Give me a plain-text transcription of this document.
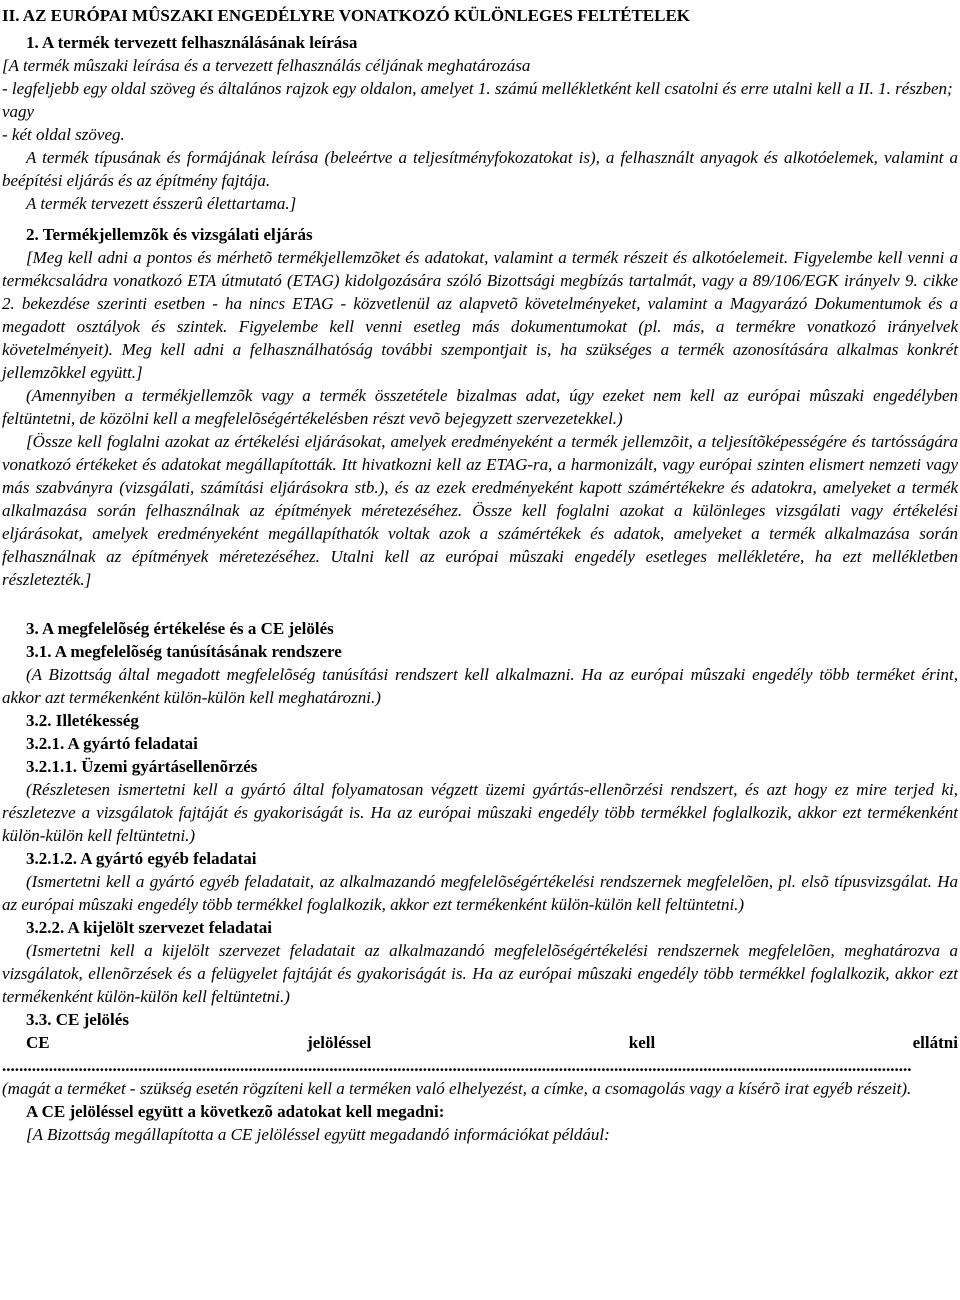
II. AZ EURÓPAI MÛSZAKI ENGEDÉLYRE VONATKOZÓ KÜLÖNLEGES FELTÉTELEK

1. A termék tervezett felhasználásának leírása

[A termék mûszaki leírása és a tervezett felhasználás céljának meghatározása

- legfeljebb egy oldal szöveg és általános rajzok egy oldalon, amelyet 1. számú mellékletként kell csatolni és erre utalni kell a II. 1. részben;

vagy

- két oldal szöveg.

A termék típusának és formájának leírása (beleértve a teljesítményfokozatokat is), a felhasznált anyagok és alkotóelemek, valamint a beépítési eljárás és az építmény fajtája.

A termék tervezett ésszerû élettartama.]

2. Termékjellemzõk és vizsgálati eljárás

[Meg kell adni a pontos és mérhetõ termékjellemzõket és adatokat, valamint a termék részeit és alkotóelemeit. Figyelembe kell venni a termékcsaládra vonatkozó ETA útmutató (ETAG) kidolgozására szóló Bizottsági megbízás tartalmát, vagy a 89/106/EGK irányelv 9. cikke 2. bekezdése szerinti esetben - ha nincs ETAG - közvetlenül az alapvetõ követelményeket, valamint a Magyarázó Dokumentumok és a megadott osztályok és szintek. Figyelembe kell venni esetleg más dokumentumokat (pl. más, a termékre vonatkozó irányelvek követelményeit). Meg kell adni a felhasználhatóság további szempontjait is, ha szükséges a termék azonosítására alkalmas konkrét jellemzõkkel együtt.]

(Amennyiben a termékjellemzõk vagy a termék összetétele bizalmas adat, úgy ezeket nem kell az európai mûszaki engedélyben feltüntetni, de közölni kell a megfelelõségértékelésben részt vevõ bejegyzett szervezetekkel.)

[Össze kell foglalni azokat az értékelési eljárásokat, amelyek eredményeként a termék jellemzõit, a teljesítõképességére és tartósságára vonatkozó értékeket és adatokat megállapították. Itt hivatkozni kell az ETAG-ra, a harmonizált, vagy európai szinten elismert nemzeti vagy más szabványra (vizsgálati, számítási eljárásokra stb.), és az ezek eredményeként kapott számértékekre és adatokra, amelyeket a termék alkalmazása során felhasználnak az építmények méretezéséhez. Össze kell foglalni azokat a különleges vizsgálati vagy értékelési eljárásokat, amelyek eredményeként megállapíthatók voltak azok a számértékek és adatok, amelyeket a termék alkalmazása során felhasználnak az építmények méretezéséhez. Utalni kell az európai mûszaki engedély esetleges mellékletére, ha ezt mellékletben részletezték.]

3. A megfelelõség értékelése és a CE jelölés

3.1. A megfelelõség tanúsításának rendszere

(A Bizottság által megadott megfelelõség tanúsítási rendszert kell alkalmazni. Ha az európai mûszaki engedély több terméket érint, akkor azt termékenként külön-külön kell meghatározni.)

3.2. Illetékesség

3.2.1. A gyártó feladatai

3.2.1.1. Üzemi gyártásellenõrzés

(Részletesen ismertetni kell a gyártó által folyamatosan végzett üzemi gyártás-ellenõrzési rendszert, és azt hogy ez mire terjed ki, részletezve a vizsgálatok fajtáját és gyakoriságát is. Ha az európai mûszaki engedély több termékkel foglalkozik, akkor ezt termékenként külön-külön kell feltüntetni.)

3.2.1.2. A gyártó egyéb feladatai

(Ismertetni kell a gyártó egyéb feladatait, az alkalmazandó megfelelõségértékelési rendszernek megfelelõen, pl. elsõ típusvizsgálat. Ha az európai mûszaki engedély több termékkel foglalkozik, akkor ezt termékenként külön-külön kell feltüntetni.)

3.2.2. A kijelölt szervezet feladatai

(Ismertetni kell a kijelölt szervezet feladatait az alkalmazandó megfelelõségértékelési rendszernek megfelelõen, meghatározva a vizsgálatok, ellenõrzések és a felügyelet fajtáját és gyakoriságát is. Ha az európai mûszaki engedély több termékkel foglalkozik, akkor ezt termékenként külön-külön kell feltüntetni.)

3.3. CE jelölés

CE	jelöléssel	kell	ellátni

......................................................................................................................................................................................................................

(magát a terméket - szükség esetén rögzíteni kell a terméken való elhelyezést, a címke, a csomagolás vagy a kísérõ irat egyéb részeit).

A CE jelöléssel együtt a következõ adatokat kell megadni:

[A Bizottság megállapította a CE jelöléssel együtt megadandó információkat például:
